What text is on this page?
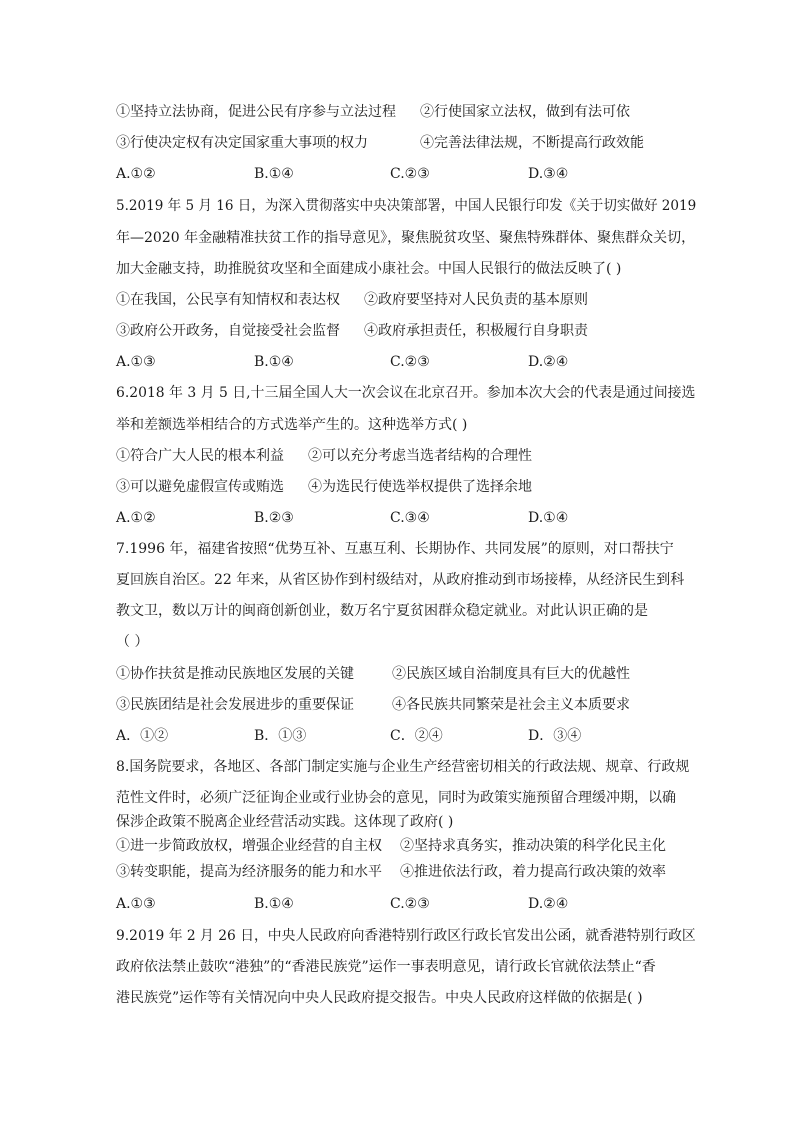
①坚持立法协商，促进公民有序参与立法过程 ②行使国家立法权，做到有法可依
③行使决定权有决定国家重大事项的权力	④完善法律法规，不断提高行政效能
A.①②	B.①④	C.②③	D.③④
5.2019 年 5 月 16 日，为深入贯彻落实中央决策部署，中国人民银行印发《关于切实做好 2019
年—2020 年金融精准扶贫工作的指导意见》，聚焦脱贫攻坚、聚焦特殊群体、聚焦群众关切，
加大金融支持，助推脱贫攻坚和全面建成小康社会。中国人民银行的做法反映了( )
①在我国，公民享有知情权和表达权 ②政府要坚持对人民负责的基本原则
③政府公开政务，自觉接受社会监督 ④政府承担责任，积极履行自身职责
A.①③	B.①④	C.②③	D.②④
6.2018 年 3 月 5 日,十三届全国人大一次会议在北京召开。参加本次大会的代表是通过间接选
举和差额选举相结合的方式选举产生的。这种选举方式( )
①符合广大人民的根本利益 ②可以充分考虑当选者结构的合理性
③可以避免虚假宣传或贿选 ④为选民行使选举权提供了选择余地
A.①②	B.②③	C.③④	D.①④
7.1996 年，福建省按照“优势互补、互惠互利、长期协作、共同发展”的原则，对口帮扶宁
夏回族自治区。22 年来，从省区协作到村级结对，从政府推动到市场接棒，从经济民生到科
教文卫，数以万计的闽商创新创业，数万名宁夏贫困群众稳定就业。对此认识正确的是
（ ）
①协作扶贫是推动民族地区发展的关键	②民族区域自治制度具有巨大的优越性
③民族团结是社会发展进步的重要保证	④各民族共同繁荣是社会主义本质要求
A．①②	B．①③	C．②④	D．③④
8.国务院要求，各地区、各部门制定实施与企业生产经营密切相关的行政法规、规章、行政规
范性文件时，必须广泛征询企业或行业协会的意见，同时为政策实施预留合理缓冲期，以确
保涉企政策不脱离企业经营活动实践。这体现了政府( )
①进一步简政放权，增强企业经营的自主权 ②坚持求真务实，推动决策的科学化民主化
③转变职能，提高为经济服务的能力和水平 ④推进依法行政，着力提高行政决策的效率
A.①③	B.①④	C.②③	D.②④
9.2019 年 2 月 26 日，中央人民政府向香港特别行政区行政长官发出公函，就香港特别行政区
政府依法禁止鼓吹“港独”的“香港民族党”运作一事表明意见，请行政长官就依法禁止“香
港民族党”运作等有关情况向中央人民政府提交报告。中央人民政府这样做的依据是( )
